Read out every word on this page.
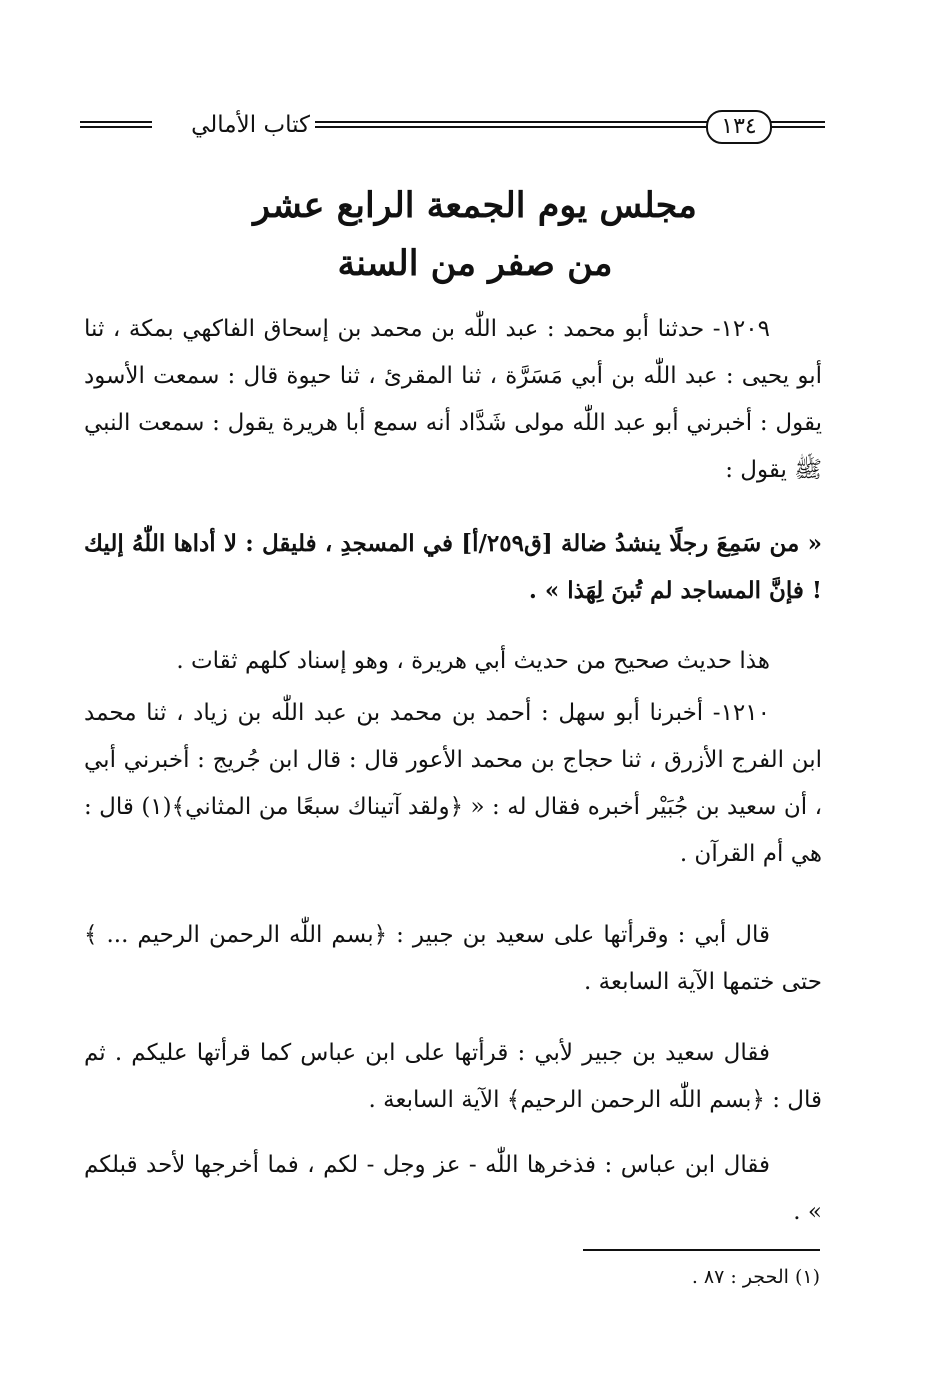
كتاب الأمالي	١٣٤
مجلس يوم الجمعة الرابع عشر
من صفر من السنة
١٢٠٩- حدثنا أبو محمد : عبد اللّٰه بن محمد بن إسحاق الفاكهي بمكة ، ثنا أبو يحيى : عبد اللّٰه بن أبي مَسَرَّة ، ثنا المقرئ ، ثنا حيوة قال : سمعت الأسود يقول : أخبرني أبو عبد اللّٰه مولى شَدَّاد أنه سمع أبا هريرة يقول : سمعت النبي ﷺ يقول :
« من سَمِعَ رجلًا ينشدُ ضالة [ق٢٥٩/أ] في المسجدِ ، فليقل : لا أداها اللّٰهُ إليك ! فإنَّ المساجد لم تُبنَ لِهَذا » .
هذا حديث صحيح من حديث أبي هريرة ، وهو إسناد كلهم ثقات .
١٢١٠- أخبرنا أبو سهل : أحمد بن محمد بن عبد اللّٰه بن زياد ، ثنا محمد ابن الفرج الأزرق ، ثنا حجاج بن محمد الأعور قال : قال ابن جُريج : أخبرني أبي ، أن سعيد بن جُبَيْر أخبره فقال له : « ﴿ولقد آتيناك سبعًا من المثاني﴾(١) قال : هي أم القرآن .
قال أبي : وقرأتها على سعيد بن جبير : ﴿بسم اللّٰه الرحمن الرحيم ... ﴾ حتى ختمها الآية السابعة .
فقال سعيد بن جبير لأبي : قرأتها على ابن عباس كما قرأتها عليكم . ثم قال : ﴿بسم اللّٰه الرحمن الرحيم﴾ الآية السابعة .
فقال ابن عباس : فذخرها اللّٰه - عز وجل - لكم ، فما أخرجها لأحد قبلكم » .
(١) الحجر : ٨٧ .
